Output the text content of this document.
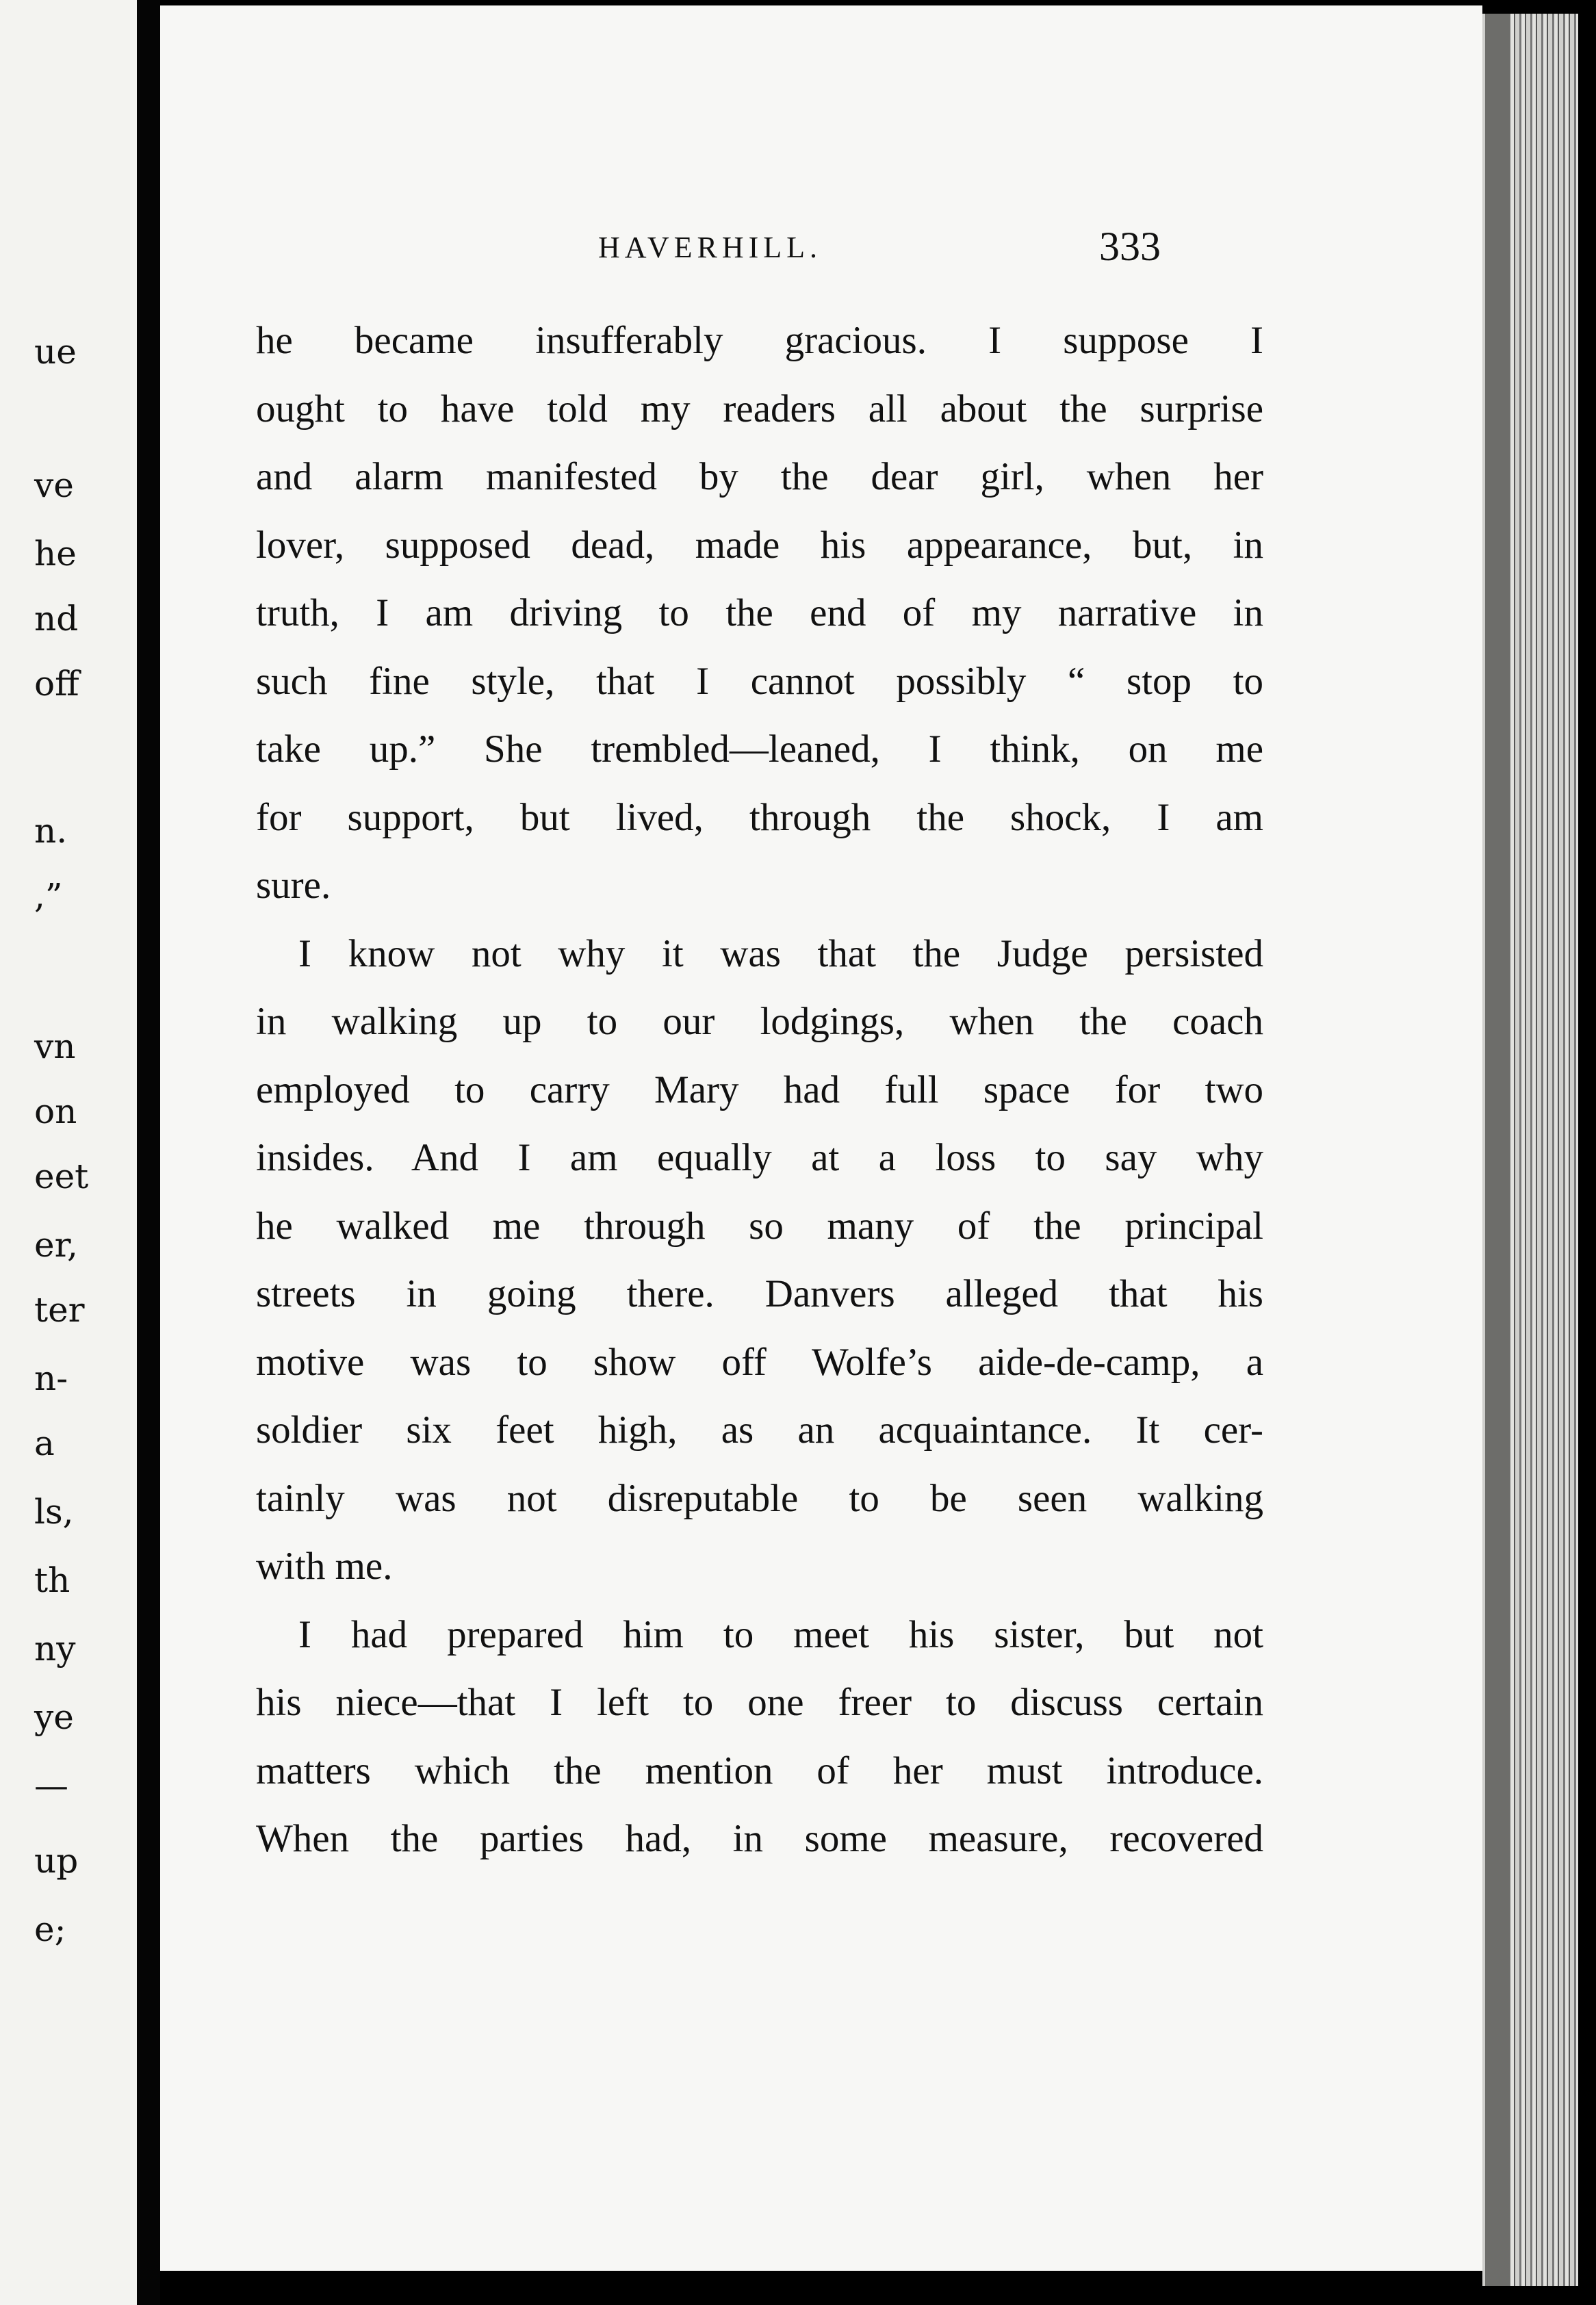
ue
ve
he
nd
off
n.
,”
vn
on
eet
er,
ter
n-
a
ls,
th
ny
ye
—
up
e;
HAVERHILL.	333
he became insufferably gracious. I suppose I
ought to have told my readers all about the surprise
and alarm manifested by the dear girl, when her
lover, supposed dead, made his appearance, but, in
truth, I am driving to the end of my narrative in
such fine style, that I cannot possibly “ stop to
take up.” She trembled—leaned, I think, on me
for support, but lived, through the shock, I am
sure.
I know not why it was that the Judge persisted
in walking up to our lodgings, when the coach
employed to carry Mary had full space for two
insides. And I am equally at a loss to say why
he walked me through so many of the principal
streets in going there. Danvers alleged that his
motive was to show off Wolfe’s aide-de-camp, a
soldier six feet high, as an acquaintance. It cer-
tainly was not disreputable to be seen walking
with me.
I had prepared him to meet his sister, but not
his niece—that I left to one freer to discuss certain
matters which the mention of her must introduce.
When the parties had, in some measure, recovered
